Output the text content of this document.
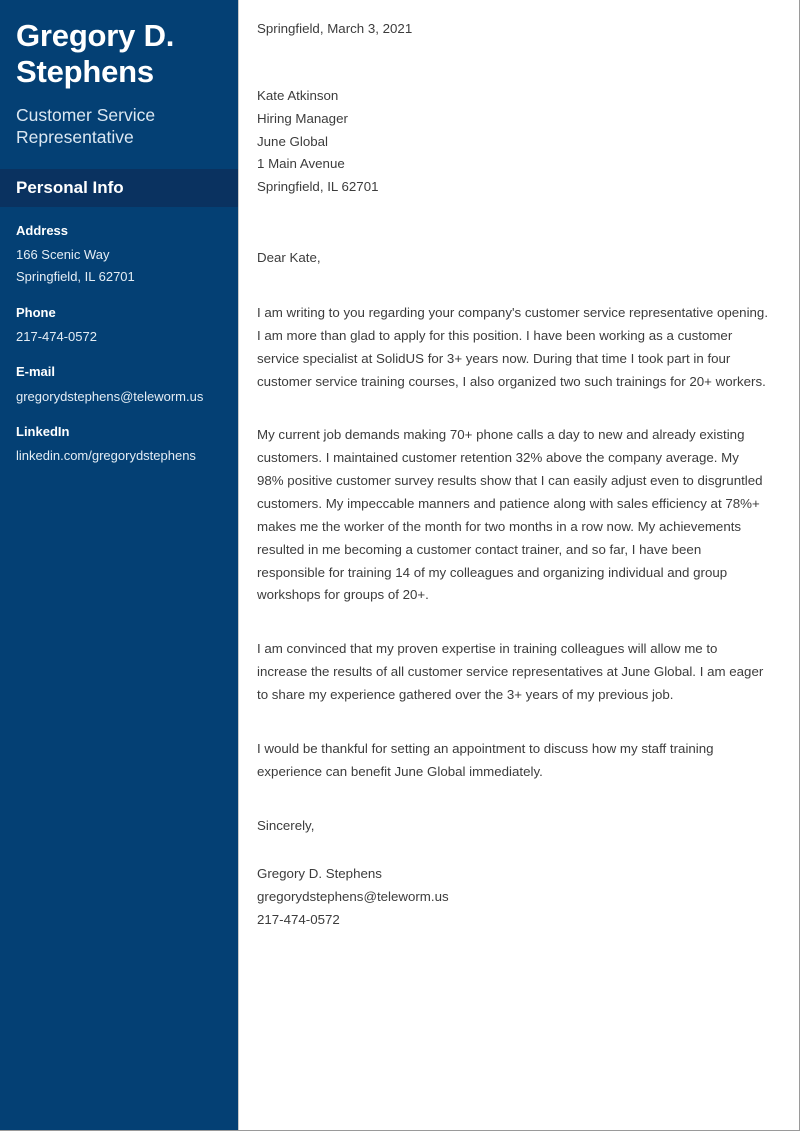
Gregory D. Stephens

Customer Service Representative

Personal Info

Address

166 Scenic Way
Springfield, IL 62701

Phone

217-474-0572

E-mail

gregorydstephens@teleworm.us

LinkedIn

linkedin.com/gregorydstephens

Springfield, March 3, 2021

Kate Atkinson

Hiring Manager

June Global

1 Main Avenue

Springfield, IL 62701

Dear Kate,

I am writing to you regarding your company's customer service representative opening. I am more than glad to apply for this position. I have been working as a customer service specialist at SolidUS for 3+ years now. During that time I took part in four customer service training courses, I also organized two such trainings for 20+ workers.

My current job demands making 70+ phone calls a day to new and already existing customers. I maintained customer retention 32% above the company average. My 98% positive customer survey results show that I can easily adjust even to disgruntled customers. My impeccable manners and patience along with sales efficiency at 78%+ makes me the worker of the month for two months in a row now. My achievements resulted in me becoming a customer contact trainer, and so far, I have been responsible for training 14 of my colleagues and organizing individual and group workshops for groups of 20+.

I am convinced that my proven expertise in training colleagues will allow me to increase the results of all customer service representatives at June Global. I am eager to share my experience gathered over the 3+ years of my previous job.

I would be thankful for setting an appointment to discuss how my staff training experience can benefit June Global immediately.

Sincerely,

Gregory D. Stephens

gregorydstephens@teleworm.us

217-474-0572
